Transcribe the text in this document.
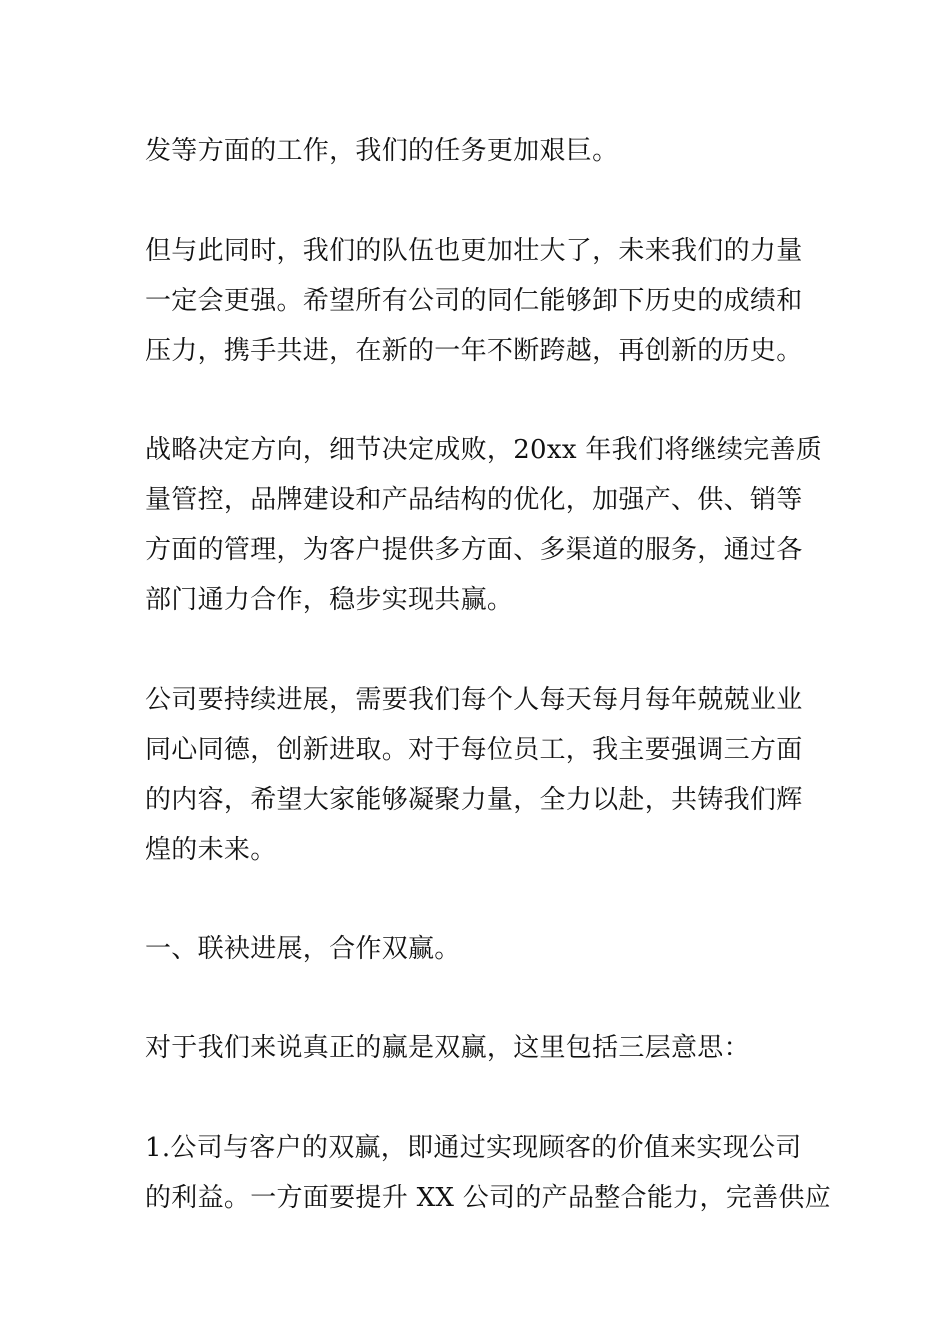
发等方面的工作，我们的任务更加艰巨。
但与此同时，我们的队伍也更加壮大了，未来我们的力量
一定会更强。希望所有公司的同仁能够卸下历史的成绩和
压力，携手共进，在新的一年不断跨越，再创新的历史。
战略决定方向，细节决定成败，20xx 年我们将继续完善质
量管控，品牌建设和产品结构的优化，加强产、供、销等
方面的管理，为客户提供多方面、多渠道的服务，通过各
部门通力合作，稳步实现共赢。
公司要持续进展，需要我们每个人每天每月每年兢兢业业
同心同德，创新进取。对于每位员工，我主要强调三方面
的内容，希望大家能够凝聚力量，全力以赴，共铸我们辉
煌的未来。
一、联袂进展，合作双赢。
对于我们来说真正的赢是双赢，这里包括三层意思：
1.公司与客户的双赢，即通过实现顾客的价值来实现公司
的利益。一方面要提升 XX 公司的产品整合能力，完善供应
